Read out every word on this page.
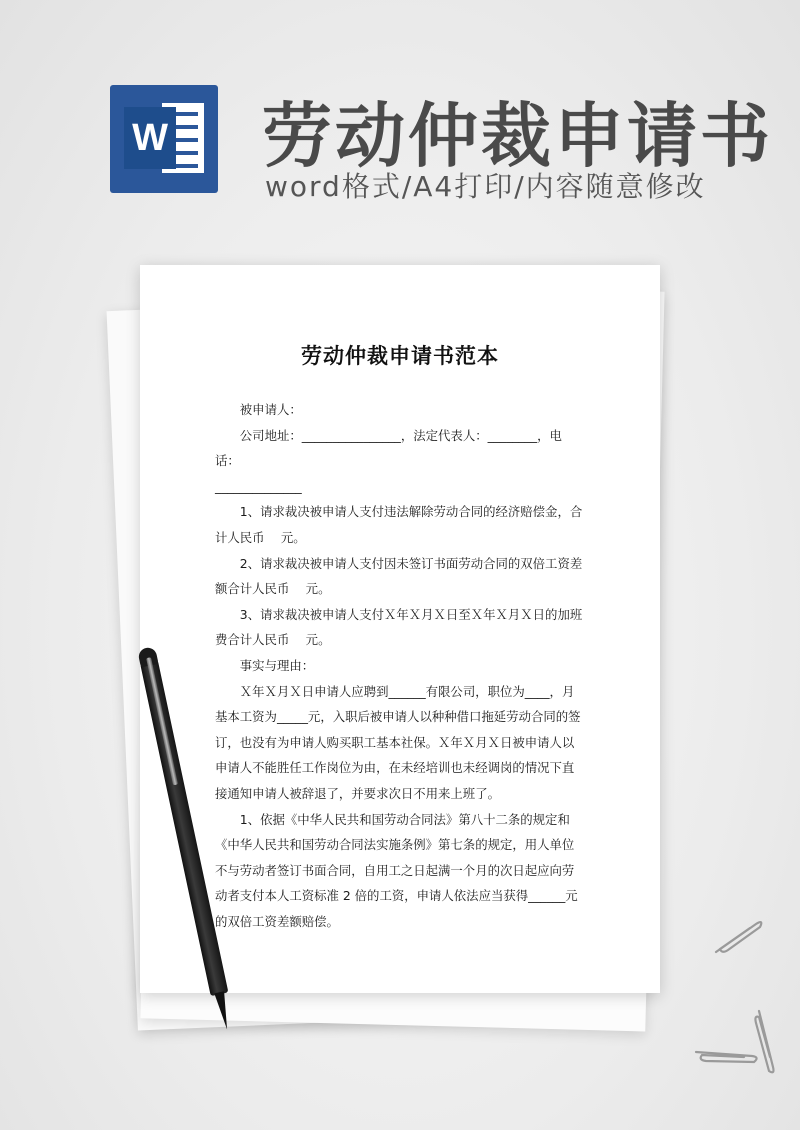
W 劳动仲裁申请书
word格式/A4打印/内容随意修改
劳动仲裁申请书范本

被申请人：

公司地址：________________，法定代表人：________，电话：

______________

1、请求裁决被申请人支付违法解除劳动合同的经济赔偿金，合计人民币　 元。

2、请求裁决被申请人支付因未签订书面劳动合同的双倍工资差额合计人民币　 元。

3、请求裁决被申请人支付Ｘ年Ｘ月Ｘ日至Ｘ年Ｘ月Ｘ日的加班费合计人民币　 元。

事实与理由：

Ｘ年Ｘ月Ｘ日申请人应聘到______有限公司，职位为____，月基本工资为_____元，入职后被申请人以种种借口拖延劳动合同的签订，也没有为申请人购买职工基本社保。Ｘ年Ｘ月Ｘ日被申请人以申请人不能胜任工作岗位为由，在未经培训也未经调岗的情况下直接通知申请人被辞退了，并要求次日不用来上班了。

1、依据《中华人民共和国劳动合同法》第八十二条的规定和《中华人民共和国劳动合同法实施条例》第七条的规定，用人单位不与劳动者签订书面合同，自用工之日起满一个月的次日起应向劳动者支付本人工资标准 2 倍的工资，申请人依法应当获得______元的双倍工资差额赔偿。
